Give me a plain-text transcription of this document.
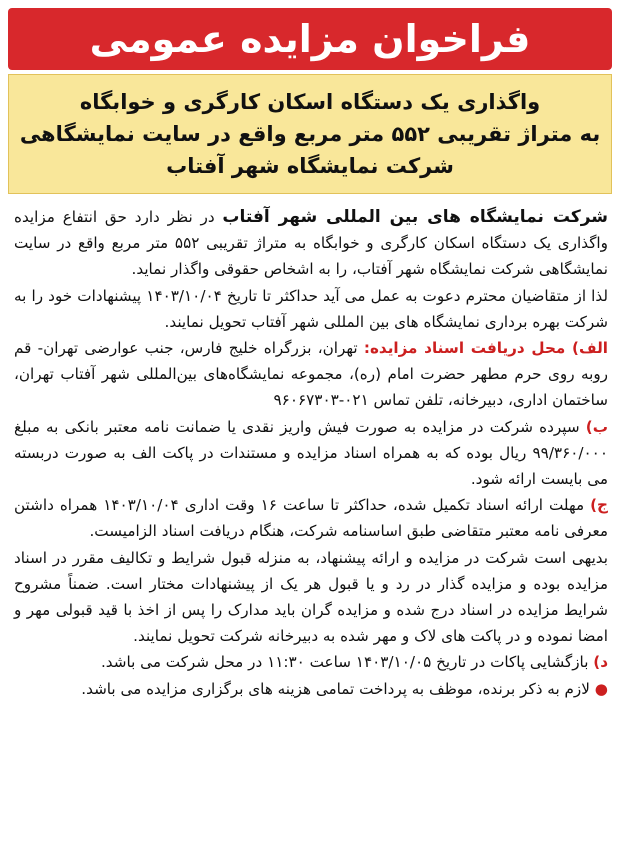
فراخوان مزایده عمومی
واگذاری یک دستگاه اسکان کارگری و خوابگاه
به متراژ تقریبی ۵۵۲ متر مربع واقع در سایت نمایشگاهی
شرکت نمایشگاه شهر آفتاب

شرکت نمایشگاه های بین المللی شهر آفتاب در نظر دارد حق انتفاع مزایده واگذاری یک دستگاه اسکان کارگری و خوابگاه به متراژ تقریبی ۵۵۲ متر مربع واقع در سایت نمایشگاهی شرکت نمایشگاه شهر آفتاب، را به اشخاص حقوقی واگذار نماید.

لذا از متقاضیان محترم دعوت به عمل می آید حداکثر تا تاریخ ۱۴۰۳/۱۰/۰۴ پیشنهادات خود را به شرکت بهره برداری نمایشگاه های بین المللی شهر آفتاب تحویل نمایند.

الف) محل دریافت اسناد مزایده: تهران، بزرگراه خلیج فارس، جنب عوارضی تهران- قم روبه روی حرم مطهر حضرت امام (ره)، مجموعه نمایشگاه‌های بین‌المللی شهر آفتاب تهران، ساختمان اداری، دبیرخانه، تلفن تماس ۰۲۱-۹۶۰۶۷۳۰۳

ب) سپرده شرکت در مزایده به صورت فیش واریز نقدی یا ضمانت نامه معتبر بانکی به مبلغ ۹۹/۳۶۰/۰۰۰ ریال بوده که به همراه اسناد مزایده و مستندات در پاکت الف به صورت دربسته می بایست ارائه شود.

ج) مهلت ارائه اسناد تکمیل شده، حداکثر تا ساعت ۱۶ وقت اداری ۱۴۰۳/۱۰/۰۴ همراه داشتن معرفی نامه معتبر متقاضی طبق اساسنامه شرکت، هنگام دریافت اسناد الزامیست.

بدیهی است شرکت در مزایده و ارائه پیشنهاد، به منزله قبول شرایط و تکالیف مقرر در اسناد مزایده بوده و مزایده گذار در رد و یا قبول هر یک از پیشنهادات مختار است. ضمناً مشروح شرایط مزایده در اسناد درج شده و مزایده گران باید مدارک را پس از اخذ با قید قبولی مهر و امضا نموده و در پاکت های لاک و مهر شده به دبیرخانه شرکت تحویل نمایند.

د) بازگشایی پاکات در تاریخ ۱۴۰۳/۱۰/۰۵ ساعت ۱۱:۳۰ در محل شرکت می باشد.

● لازم به ذکر برنده، موظف به پرداخت تمامی هزینه های برگزاری مزایده می باشد.
